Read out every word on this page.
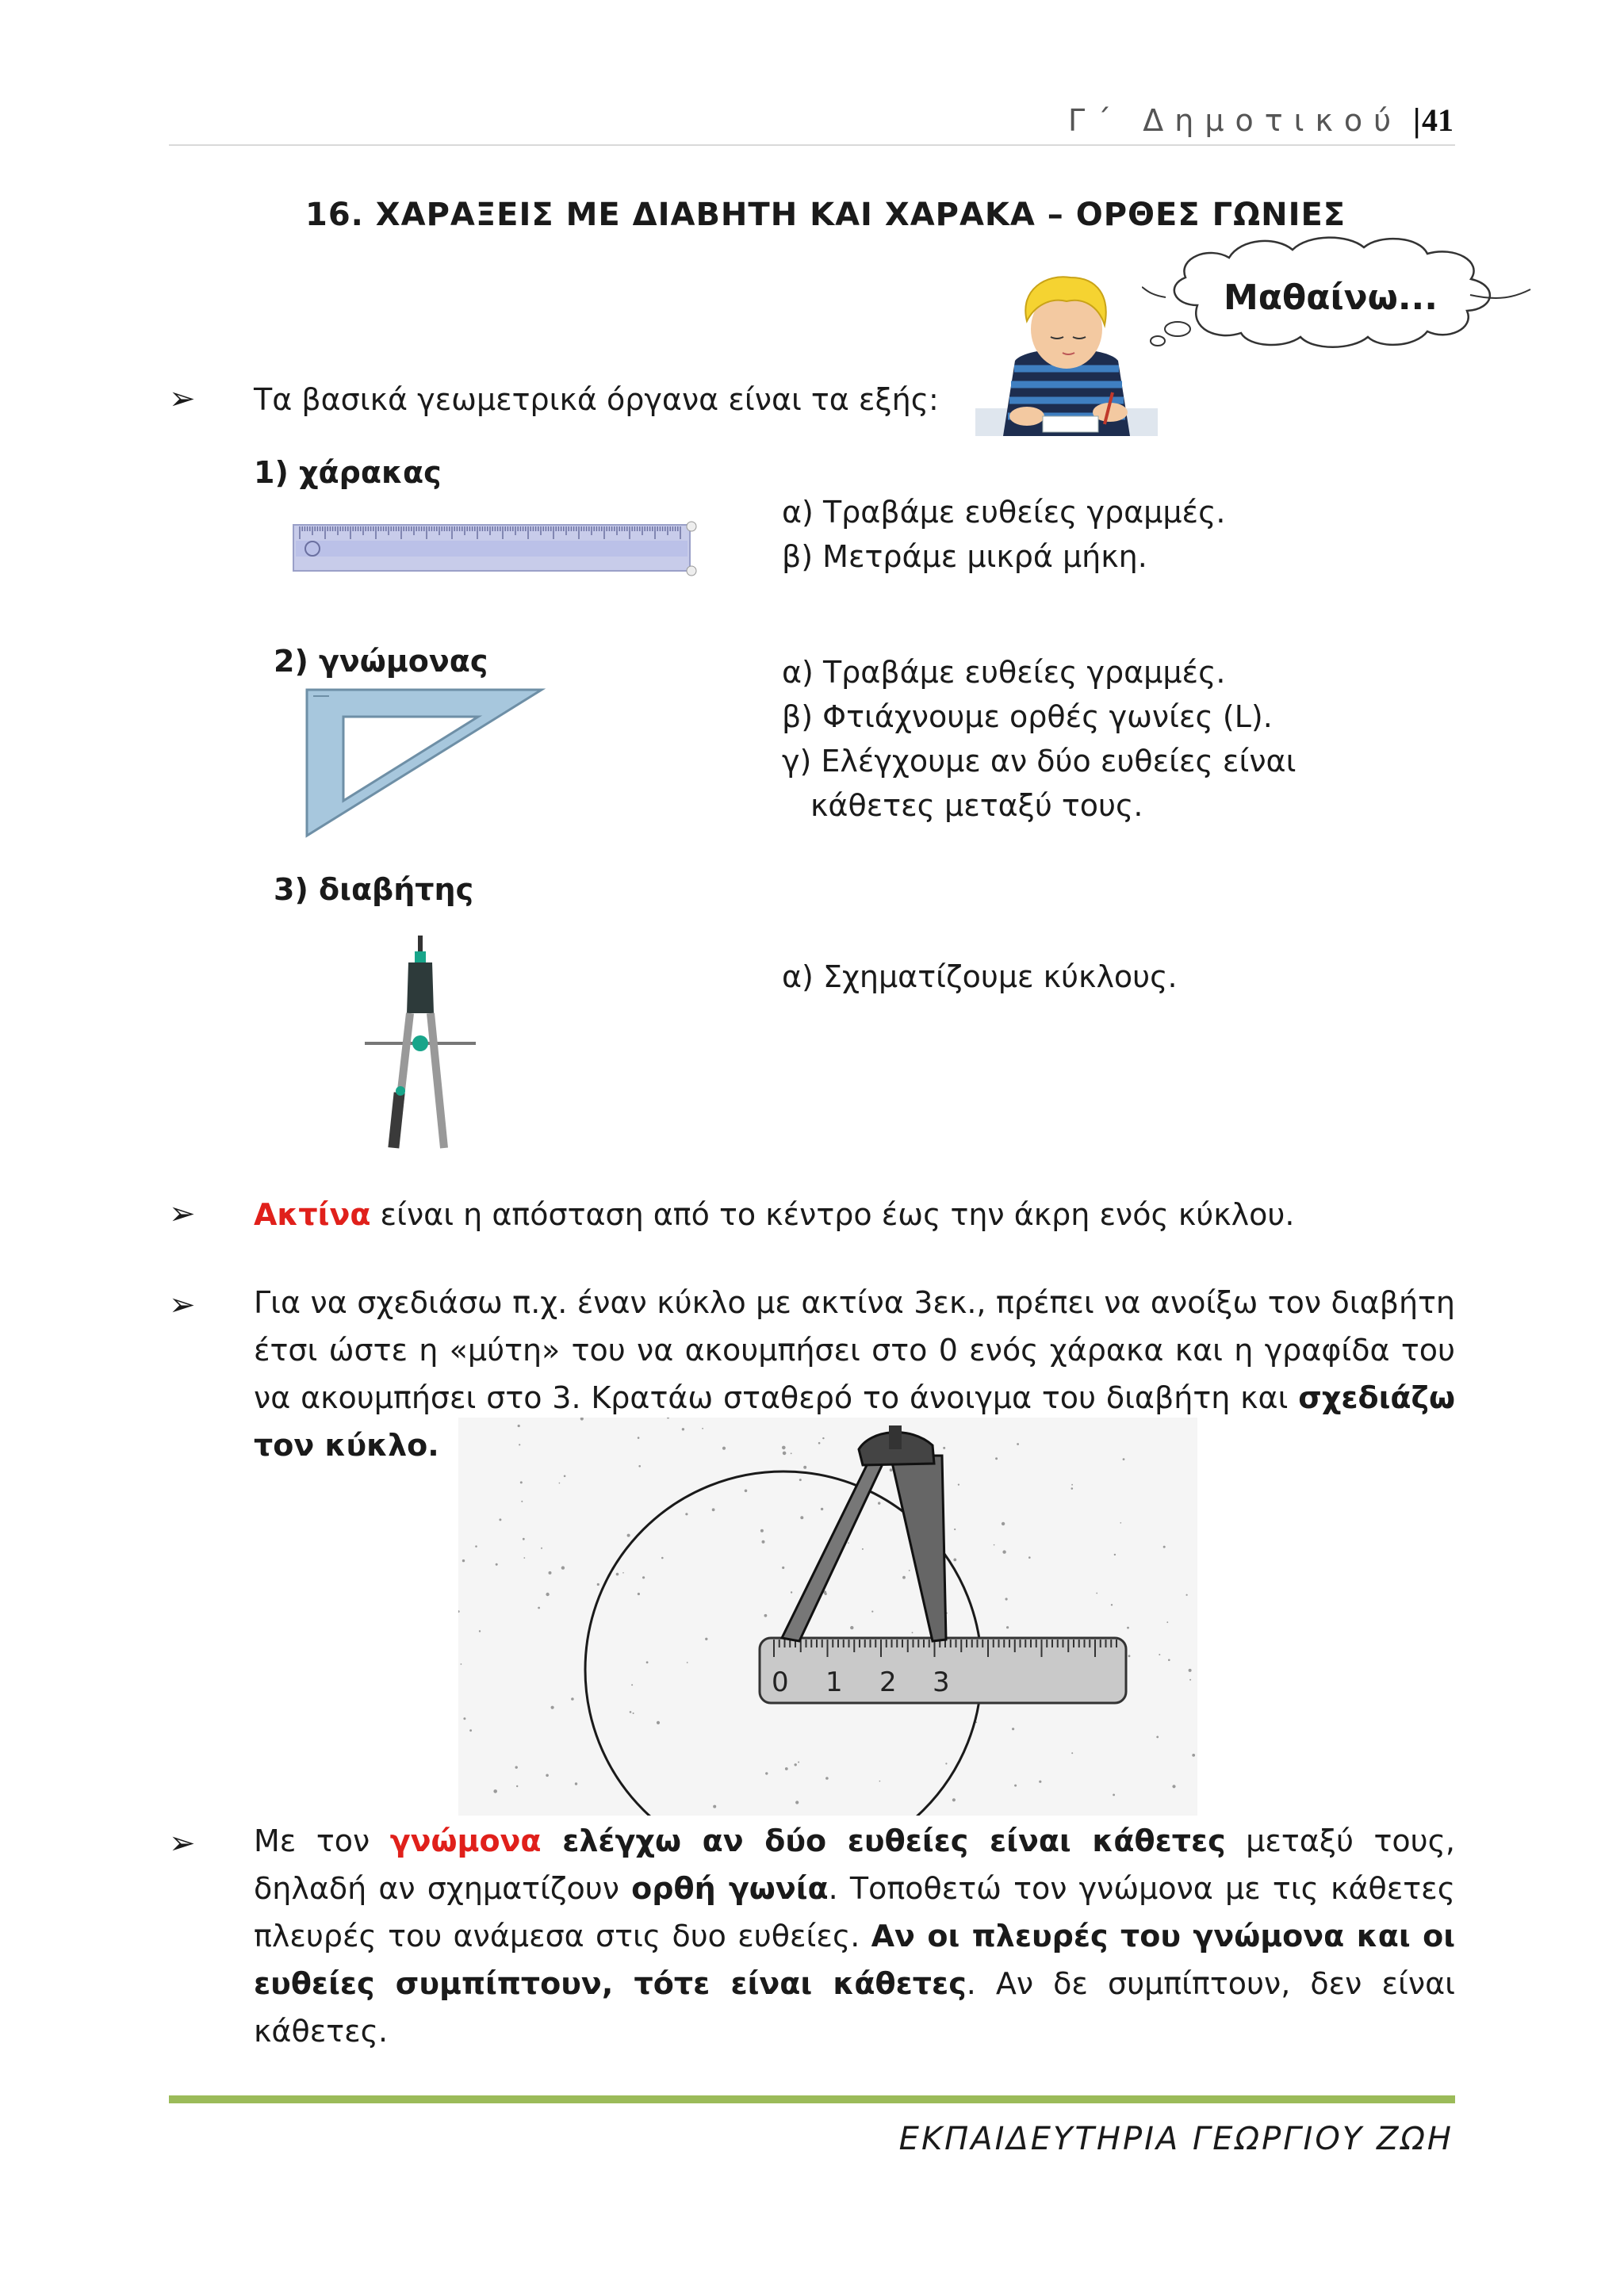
Γ΄ Δημοτικού |41
16. ΧΑΡΑΞΕΙΣ ΜΕ ΔΙΑΒΗΤΗ ΚΑΙ ΧΑΡΑΚΑ – ΟΡΘΕΣ ΓΩΝΙΕΣ
Μαθαίνω...
➢ Τα βασικά γεωμετρικά όργανα είναι τα εξής:
1) χάρακας
α) Τραβάμε ευθείες γραμμές.
β) Μετράμε μικρά μήκη.
2) γνώμονας	α) Τραβάμε ευθείες γραμμές.
β) Φτιάχνουμε ορθές γωνίες (L).
γ) Ελέγχουμε αν δύο ευθείες είναι
κάθετες μεταξύ τους.
3) διαβήτης
α) Σχηματίζουμε κύκλους.
➢ Ακτίνα είναι η απόσταση από το κέντρο έως την άκρη ενός κύκλου.
➢ Για να σχεδιάσω π.χ. έναν κύκλο με ακτίνα 3εκ., πρέπει να ανοίξω τον διαβήτη έτσι ώστε η «μύτη» του να ακουμπήσει στο 0 ενός χάρακα και η γραφίδα του να ακουμπήσει στο 3. Κρατάω σταθερό το άνοιγμα του διαβήτη και σχεδιάζω τον κύκλο.
0 1 2 3
➢ Με τον γνώμονα ελέγχω αν δύο ευθείες είναι κάθετες μεταξύ τους, δηλαδή αν σχηματίζουν ορθή γωνία. Τοποθετώ τον γνώμονα με τις κάθετες πλευρές του ανάμεσα στις δυο ευθείες. Αν οι πλευρές του γνώμονα και οι ευθείες συμπίπτουν, τότε είναι κάθετες. Αν δε συμπίπτουν, δεν είναι κάθετες.
ΕΚΠΑΙΔΕΥΤΗΡΙΑ ΓΕΩΡΓΙΟΥ ΖΩΗ
